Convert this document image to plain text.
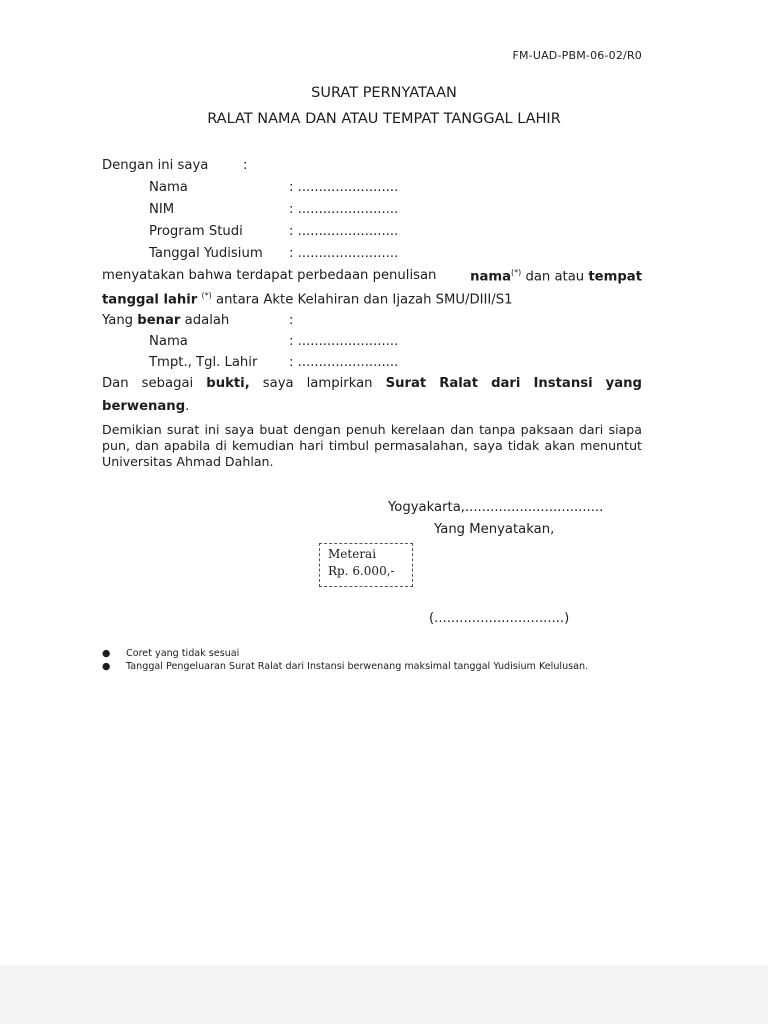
FM-UAD-PBM-06-02/R0
SURAT PERNYATAAN
RALAT NAMA DAN ATAU TEMPAT TANGGAL LAHIR
Dengan ini saya	:
Nama	: ........................
NIM	: ........................
Program Studi	: ........................
Tanggal Yudisium : ........................
menyatakan bahwa terdapat perbedaan penulisan	nama(*) dan atau tempat
tanggal lahir (*) antara Akte Kelahiran dan Ijazah SMU/DIII/S1
Yang benar adalah	:
Nama	: ........................
Tmpt., Tgl. Lahir : ........................
Dan sebagai bukti, saya lampirkan Surat Ralat dari Instansi yang
berwenang.
Demikian surat ini saya buat dengan penuh kerelaan dan tanpa paksaan dari siapa pun, dan apabila di kemudian hari timbul permasalahan, saya tidak akan menuntut Universitas Ahmad Dahlan.
Yogyakarta,.................................
Yang Menyatakan,
Meterai
Rp. 6.000,-
(...............................)
●	Coret yang tidak sesuai
●	Tanggal Pengeluaran Surat Ralat dari Instansi berwenang maksimal tanggal Yudisium Kelulusan.
